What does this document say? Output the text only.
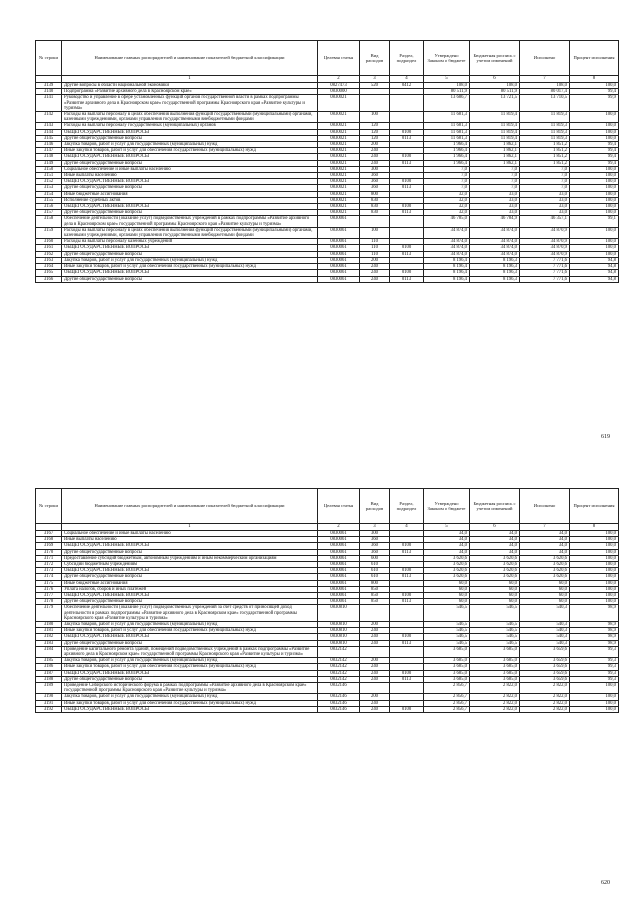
№ строки	Наименование главных распорядителей и наименование показателей бюджетной классификации	Целевая статья	Вид расходов	Раздел, подраздел	Утверждено Законом о бюджете	Бюджетная роспись с учетом изменений	Исполнено	Процент исполнения
	1	2	3	4	5	6	7	8
3139	Другие вопросы в области национальной экономики	0827473	520	0412	108,0	108,0	108,0	100,0
3140	Подпрограмма «Развитие архивного дела в Красноярском крае»	0830000			80 511,9	80 511,9	80 017,4	99,4
3141	Руководство и управление в сфере установленных функций органов государственной власти в рамках подпрограммы «Развитие архивного дела в Красноярском крае» государственной программы Красноярского края «Развитие культуры и туризма»	0830021			13 686,7	13 721,5	13 710,5	99,9
3142	Расходы на выплаты персоналу в целях обеспечения выполнения функций государственными (муниципальными) органами, казенными учреждениями, органами управления государственными внебюджетными фондами	0830021	100		11 681,3	11 819,4	11 819,3	100,0
3143	Расходы на выплаты персоналу государственных (муниципальных) органов	0830021	120		11 681,3	11 819,4	11 819,3	100,0
3144	ОБЩЕГОСУДАРСТВЕННЫЕ ВОПРОСЫ	0830021	120	0100	11 681,3	11 819,4	11 819,3	100,0
3145	Другие общегосударственные вопросы	0830021	120	0113	11 681,3	11 819,4	11 819,3	100,0
3146	Закупка товаров, работ и услуг для государственных (муниципальных) нужд	0830021	200		1 966,4	1 862,1	1 851,2	99,4
3147	Иные закупки товаров, работ и услуг для обеспечения государственных (муниципальных) нужд	0830021	240		1 966,4	1 862,1	1 851,2	99,4
3148	ОБЩЕГОСУДАРСТВЕННЫЕ ВОПРОСЫ	0830021	240	0100	1 966,4	1 862,1	1 851,2	99,4
3149	Другие общегосударственные вопросы	0830021	240	0113	1 966,4	1 862,1	1 851,2	99,4
3150	Социальное обеспечение и иные выплаты населению	0830021	300		7,0	7,0	7,0	100,0
3151	Иные выплаты населению	0830021	360		7,0	7,0	7,0	100,0
3152	ОБЩЕГОСУДАРСТВЕННЫЕ ВОПРОСЫ	0830021	360	0100	7,0	7,0	7,0	100,0
3153	Другие общегосударственные вопросы	0830021	360	0113	7,0	7,0	7,0	100,0
3154	Иные бюджетные ассигнования	0830021	800		32,0	33,0	33,0	100,0
3155	Исполнение судебных актов	0830021	830		32,0	33,0	33,0	100,0
3156	ОБЩЕГОСУДАРСТВЕННЫЕ ВОПРОСЫ	0830021	830	0100	32,0	33,0	33,0	100,0
3157	Другие общегосударственные вопросы	0830021	830	0113	32,0	33,0	33,0	100,0
3158	Обеспечение деятельности (оказание услуг) подведомственных учреждений в рамках подпрограммы «Развитие архивного дела в Красноярском крае» государственной программы Красноярского края «Развитие культуры и туризма»	0830061			46 785,0	46 784,9	46 357,1	99,1
3159	Расходы на выплаты персоналу в целях обеспечения выполнения функций государственными (муниципальными) органами, казенными учреждениями, органами управления государственными внебюджетными фондами	0830061	100		34 874,0	34 874,0	34 870,9	100,0
3160	Расходы на выплаты персоналу казенных учреждений	0830061	110		34 874,0	34 874,0	34 870,9	100,0
3161	ОБЩЕГОСУДАРСТВЕННЫЕ ВОПРОСЫ	0830061	110	0100	34 874,0	34 874,0	34 870,9	100,0
3162	Другие общегосударственные вопросы	0830061	110	0113	34 874,0	34 874,0	34 870,9	100,0
3163	Закупка товаров, работ и услуг для государственных (муниципальных) нужд	0830061	200		8 196,4	8 196,3	7 771,6	94,8
3164	Иные закупки товаров, работ и услуг для обеспечения государственных (муниципальных) нужд	0830061	240		8 196,4	8 196,3	7 771,6	94,8
3165	ОБЩЕГОСУДАРСТВЕННЫЕ ВОПРОСЫ	0830061	240	0100	8 196,4	8 196,3	7 771,6	94,8
3166	Другие общегосударственные вопросы	0830061	240	0113	8 196,4	8 196,3	7 771,6	94,8
619
№ строки	Наименование главных распорядителей и наименование показателей бюджетной классификации	Целевая статья	Вид расходов	Раздел, подраздел	Утверждено Законом о бюджете	Бюджетная роспись с учетом изменений	Исполнено	Процент исполнения
	1	2	3	4	5	6	7	8
3167	Социальное обеспечение и иные выплаты населению	0830061	300		34,0	34,0	34,0	100,0
3168	Иные выплаты населению	0830061	360		34,0	34,0	34,0	100,0
3169	ОБЩЕГОСУДАРСТВЕННЫЕ ВОПРОСЫ	0830061	360	0100	34,0	34,0	34,0	100,0
3170	Другие общегосударственные вопросы	0830061	360	0113	34,0	34,0	34,0	100,0
3171	Предоставление субсидий бюджетным, автономным учреждениям и иным некоммерческим организациям	0830061	600		3 620,6	3 620,6	3 620,6	100,0
3172	Субсидии бюджетным учреждениям	0830061	610		3 620,6	3 620,6	3 620,6	100,0
3173	ОБЩЕГОСУДАРСТВЕННЫЕ ВОПРОСЫ	0830061	610	0100	3 620,6	3 620,6	3 620,6	100,0
3174	Другие общегосударственные вопросы	0830061	610	0113	3 620,6	3 620,6	3 620,6	100,0
3175	Иные бюджетные ассигнования	0830061	800		60,0	60,0	60,0	100,0
3176	Уплата налогов, сборов и иных платежей	0830061	850		60,0	60,0	60,0	100,0
3177	ОБЩЕГОСУДАРСТВЕННЫЕ ВОПРОСЫ	0830061	850	0100	60,0	60,0	60,0	100,0
3178	Другие общегосударственные вопросы	0830061	850	0113	60,0	60,0	60,0	100,0
3179	Обеспечение деятельности (оказание услуг) подведомственных учреждений за счет средств от приносящей доход деятельности в рамках подпрограммы «Развитие архивного дела в Красноярском крае» государственной программы Красноярского края «Развитие культуры и туризма»	0830810			546,5	546,5	540,3	98,9
3180	Закупка товаров, работ и услуг для государственных (муниципальных) нужд	0830810	200		546,5	546,5	540,3	98,9
3181	Иные закупки товаров, работ и услуг для обеспечения государственных (муниципальных) нужд	0830810	240		546,5	546,5	540,3	98,9
3182	ОБЩЕГОСУДАРСТВЕННЫЕ ВОПРОСЫ	0830810	240	0100	546,5	546,5	540,3	98,9
3183	Другие общегосударственные вопросы	0830810	240	0113	546,5	546,5	540,3	98,9
3184	Проведение капитального ремонта зданий, помещений подведомственных учреждений в рамках подпрограммы «Развитие архивного дела в Красноярском крае» государственной программы Красноярского края «Развитие культуры и туризма»	0832142			3 685,0	3 685,0	3 659,6	99,3
3185	Закупка товаров, работ и услуг для государственных (муниципальных) нужд	0832142	200		3 685,0	3 685,0	3 659,6	99,3
3186	Иные закупки товаров, работ и услуг для обеспечения государственных (муниципальных) нужд	0832142	240		3 685,0	3 685,0	3 659,6	99,3
3187	ОБЩЕГОСУДАРСТВЕННЫЕ ВОПРОСЫ	0832142	240	0100	3 685,0	3 685,0	3 659,6	99,3
3188	Другие общегосударственные вопросы	0832142	240	0113	3 685,0	3 685,0	3 659,6	99,3
3189	Проведение Сибирского исторического форума в рамках подпрограммы «Развитие архивного дела в Красноярском крае» государственной программы Красноярского края «Развитие культуры и туризма»	0832146			2 856,7	2 822,0	2 822,0	100,0
3190	Закупка товаров, работ и услуг для государственных (муниципальных) нужд	0832146	200		2 856,7	2 822,0	2 822,0	100,0
3191	Иные закупки товаров, работ и услуг для обеспечения государственных (муниципальных) нужд	0832146	240		2 856,7	2 822,0	2 822,0	100,0
3192	ОБЩЕГОСУДАРСТВЕННЫЕ ВОПРОСЫ	0832146	240	0100	2 856,7	2 822,0	2 822,0	100,0
620
